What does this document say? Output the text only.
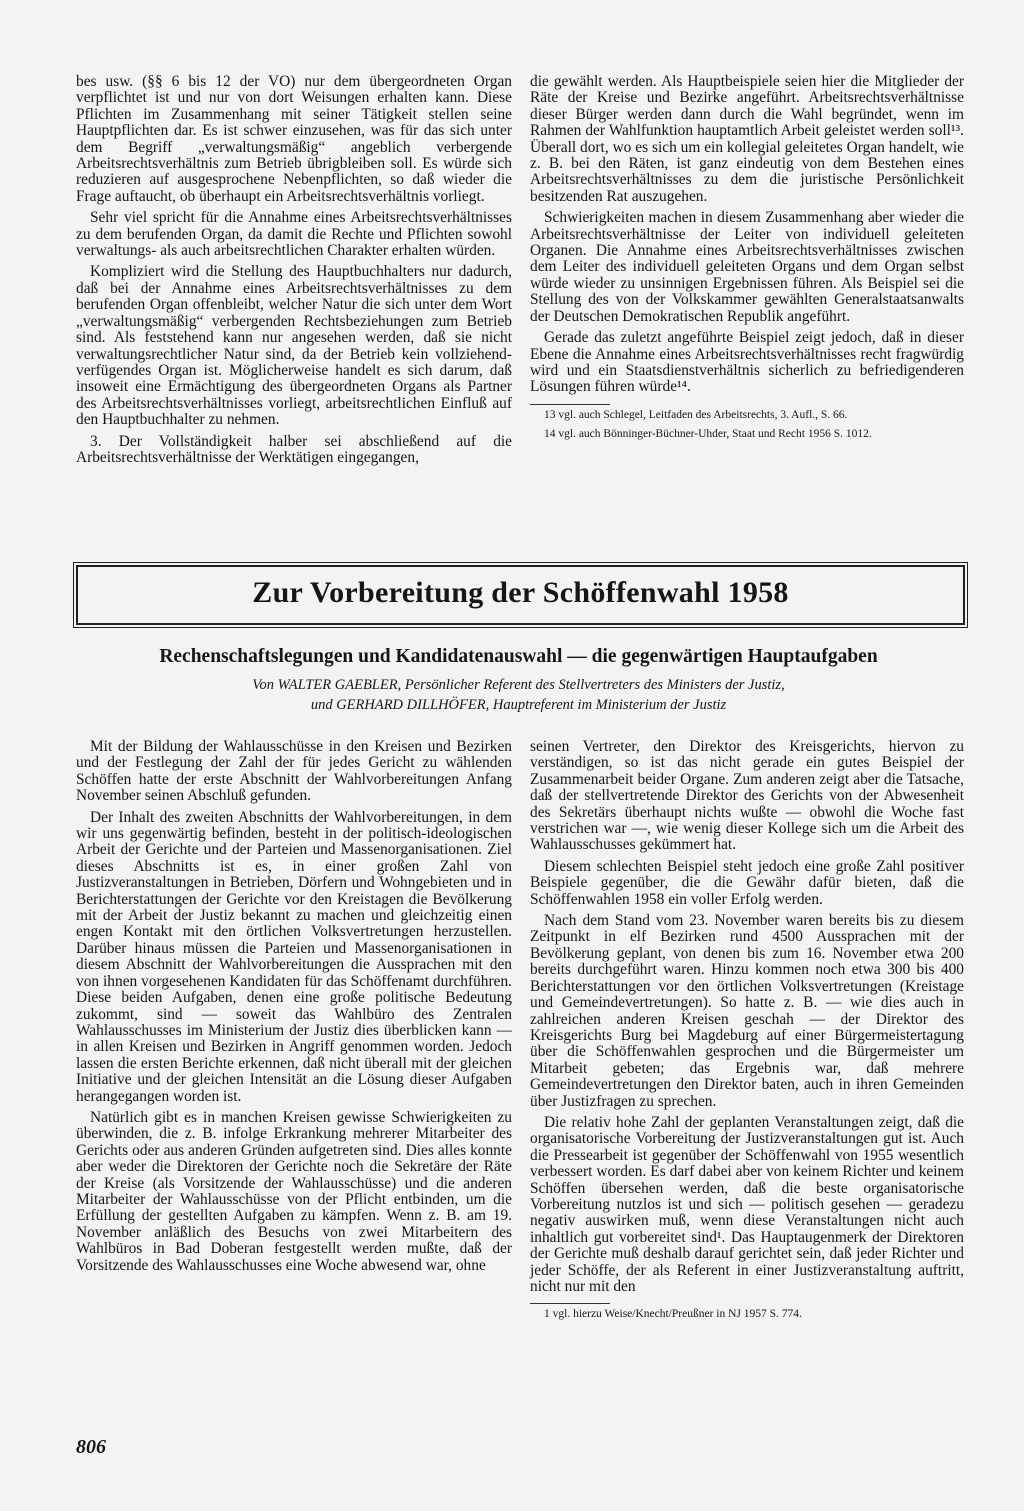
bes usw. (§§ 6 bis 12 der VO) nur dem übergeordneten Organ verpflichtet ist und nur von dort Weisungen erhalten kann. Diese Pflichten im Zusammenhang mit seiner Tätigkeit stellen seine Hauptpflichten dar. Es ist schwer einzusehen, was für das sich unter dem Begriff „verwaltungsmäßig“ angeblich verbergende Arbeitsrechtsverhältnis zum Betrieb übrigbleiben soll. Es würde sich reduzieren auf ausgesprochene Nebenpflichten, so daß wieder die Frage auftaucht, ob überhaupt ein Arbeitsrechtsverhältnis vorliegt.

Sehr viel spricht für die Annahme eines Arbeitsrechtsverhältnisses zu dem berufenden Organ, da damit die Rechte und Pflichten sowohl verwaltungs- als auch arbeitsrechtlichen Charakter erhalten würden.

Kompliziert wird die Stellung des Hauptbuchhalters nur dadurch, daß bei der Annahme eines Arbeitsrechtsverhältnisses zu dem berufenden Organ offenbleibt, welcher Natur die sich unter dem Wort „verwaltungsmäßig“ verbergenden Rechtsbeziehungen zum Betrieb sind. Als feststehend kann nur angesehen werden, daß sie nicht verwaltungsrechtlicher Natur sind, da der Betrieb kein vollziehend-verfügendes Organ ist. Möglicherweise handelt es sich darum, daß insoweit eine Ermächtigung des übergeordneten Organs als Partner des Arbeitsrechtsverhältnisses vorliegt, arbeitsrechtlichen Einfluß auf den Hauptbuchhalter zu nehmen.

3. Der Vollständigkeit halber sei abschließend auf die Arbeitsrechtsverhältnisse der Werktätigen eingegangen,

die gewählt werden. Als Hauptbeispiele seien hier die Mitglieder der Räte der Kreise und Bezirke angeführt. Arbeitsrechtsverhältnisse dieser Bürger werden dann durch die Wahl begründet, wenn im Rahmen der Wahlfunktion hauptamtlich Arbeit geleistet werden soll¹³. Überall dort, wo es sich um ein kollegial geleitetes Organ handelt, wie z. B. bei den Räten, ist ganz eindeutig von dem Bestehen eines Arbeitsrechtsverhältnisses zu dem die juristische Persönlichkeit besitzenden Rat auszugehen.

Schwierigkeiten machen in diesem Zusammenhang aber wieder die Arbeitsrechtsverhältnisse der Leiter von individuell geleiteten Organen. Die Annahme eines Arbeitsrechtsverhältnisses zwischen dem Leiter des individuell geleiteten Organs und dem Organ selbst würde wieder zu unsinnigen Ergebnissen führen. Als Beispiel sei die Stellung des von der Volkskammer gewählten Generalstaatsanwalts der Deutschen Demokratischen Republik angeführt.

Gerade das zuletzt angeführte Beispiel zeigt jedoch, daß in dieser Ebene die Annahme eines Arbeitsrechtsverhältnisses recht fragwürdig wird und ein Staatsdienstverhältnis sicherlich zu befriedigenderen Lösungen führen würde¹⁴.

13 vgl. auch Schlegel, Leitfaden des Arbeitsrechts, 3. Aufl., S. 66.

14 vgl. auch Bönninger-Büchner-Uhder, Staat und Recht 1956 S. 1012.

Zur Vorbereitung der Schöffenwahl 1958
Rechenschaftslegungen und Kandidatenauswahl — die gegenwärtigen Hauptaufgaben
Von WALTER GAEBLER, Persönlicher Referent des Stellvertreters des Ministers der Justiz,
und GERHARD DILLHÖFER, Hauptreferent im Ministerium der Justiz

Mit der Bildung der Wahlausschüsse in den Kreisen und Bezirken und der Festlegung der Zahl der für jedes Gericht zu wählenden Schöffen hatte der erste Abschnitt der Wahlvorbereitungen Anfang November seinen Abschluß gefunden.

Der Inhalt des zweiten Abschnitts der Wahlvorbereitungen, in dem wir uns gegenwärtig befinden, besteht in der politisch-ideologischen Arbeit der Gerichte und der Parteien und Massenorganisationen. Ziel dieses Abschnitts ist es, in einer großen Zahl von Justizveranstaltungen in Betrieben, Dörfern und Wohngebieten und in Berichterstattungen der Gerichte vor den Kreistagen die Bevölkerung mit der Arbeit der Justiz bekannt zu machen und gleichzeitig einen engen Kontakt mit den örtlichen Volksvertretungen herzustellen. Darüber hinaus müssen die Parteien und Massenorganisationen in diesem Abschnitt der Wahlvorbereitungen die Aussprachen mit den von ihnen vorgesehenen Kandidaten für das Schöffenamt durchführen. Diese beiden Aufgaben, denen eine große politische Bedeutung zukommt, sind — soweit das Wahlbüro des Zentralen Wahlausschusses im Ministerium der Justiz dies überblicken kann — in allen Kreisen und Bezirken in Angriff genommen worden. Jedoch lassen die ersten Berichte erkennen, daß nicht überall mit der gleichen Initiative und der gleichen Intensität an die Lösung dieser Aufgaben herangegangen worden ist.

Natürlich gibt es in manchen Kreisen gewisse Schwierigkeiten zu überwinden, die z. B. infolge Erkrankung mehrerer Mitarbeiter des Gerichts oder aus anderen Gründen aufgetreten sind. Dies alles konnte aber weder die Direktoren der Gerichte noch die Sekretäre der Räte der Kreise (als Vorsitzende der Wahlausschüsse) und die anderen Mitarbeiter der Wahlausschüsse von der Pflicht entbinden, um die Erfüllung der gestellten Aufgaben zu kämpfen. Wenn z. B. am 19. November anläßlich des Besuchs von zwei Mitarbeitern des Wahlbüros in Bad Doberan festgestellt werden mußte, daß der Vorsitzende des Wahlausschusses eine Woche abwesend war, ohne

seinen Vertreter, den Direktor des Kreisgerichts, hiervon zu verständigen, so ist das nicht gerade ein gutes Beispiel der Zusammenarbeit beider Organe. Zum anderen zeigt aber die Tatsache, daß der stellvertretende Direktor des Gerichts von der Abwesenheit des Sekretärs überhaupt nichts wußte — obwohl die Woche fast verstrichen war —, wie wenig dieser Kollege sich um die Arbeit des Wahlausschusses gekümmert hat.

Diesem schlechten Beispiel steht jedoch eine große Zahl positiver Beispiele gegenüber, die die Gewähr dafür bieten, daß die Schöffenwahlen 1958 ein voller Erfolg werden.

Nach dem Stand vom 23. November waren bereits bis zu diesem Zeitpunkt in elf Bezirken rund 4500 Aussprachen mit der Bevölkerung geplant, von denen bis zum 16. November etwa 200 bereits durchgeführt waren. Hinzu kommen noch etwa 300 bis 400 Berichterstattungen vor den örtlichen Volksvertretungen (Kreistage und Gemeindevertretungen). So hatte z. B. — wie dies auch in zahlreichen anderen Kreisen geschah — der Direktor des Kreisgerichts Burg bei Magdeburg auf einer Bürgermeistertagung über die Schöffenwahlen gesprochen und die Bürgermeister um Mitarbeit gebeten; das Ergebnis war, daß mehrere Gemeindevertretungen den Direktor baten, auch in ihren Gemeinden über Justizfragen zu sprechen.

Die relativ hohe Zahl der geplanten Veranstaltungen zeigt, daß die organisatorische Vorbereitung der Justizveranstaltungen gut ist. Auch die Pressearbeit ist gegenüber der Schöffenwahl von 1955 wesentlich verbessert worden. Es darf dabei aber von keinem Richter und keinem Schöffen übersehen werden, daß die beste organisatorische Vorbereitung nutzlos ist und sich — politisch gesehen — geradezu negativ auswirken muß, wenn diese Veranstaltungen nicht auch inhaltlich gut vorbereitet sind¹. Das Hauptaugenmerk der Direktoren der Gerichte muß deshalb darauf gerichtet sein, daß jeder Richter und jeder Schöffe, der als Referent in einer Justizveranstaltung auftritt, nicht nur mit den

1 vgl. hierzu Weise/Knecht/Preußner in NJ 1957 S. 774.

806
